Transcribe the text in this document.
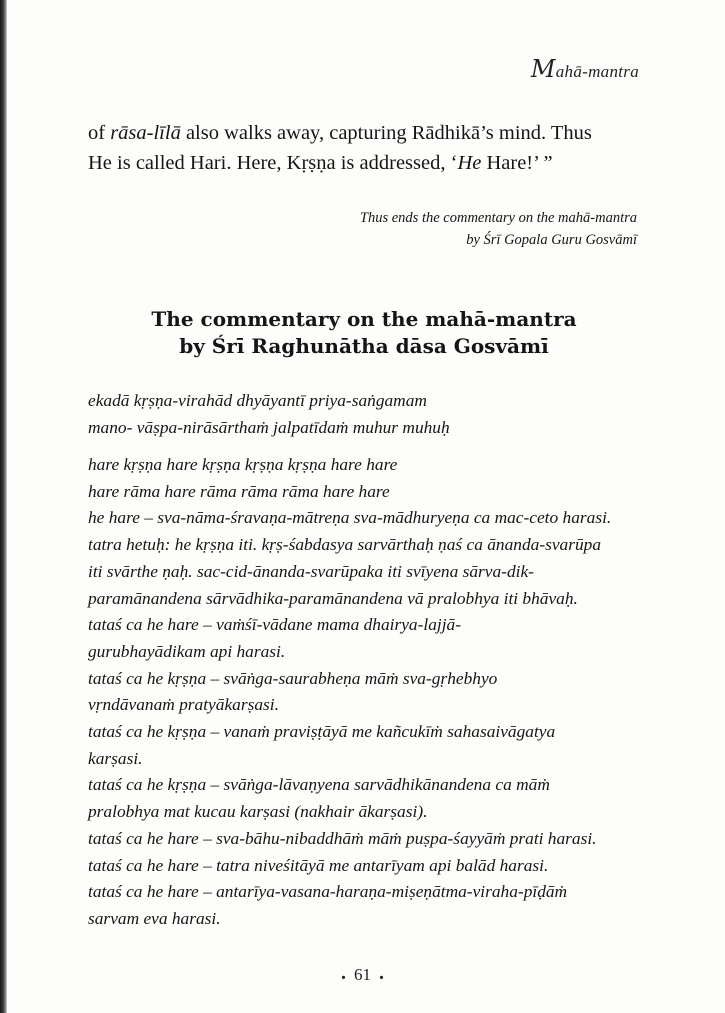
Mahā-mantra

of rāsa-līlā also walks away, capturing Rādhikā’s mind. Thus
He is called Hari. Here, Kṛṣṇa is addressed, ‘He Hare!’ ”

Thus ends the commentary on the mahā-mantra
by Śrī Gopala Guru Gosvāmī
The commentary on the mahā-mantra
by Śrī Raghunātha dāsa Gosvāmī
ekadā kṛṣṇa-virahād dhyāyantī priya-saṅgamam
mano- vāṣpa-nirāsārthaṁ jalpatīdaṁ muhur muhuḥ
hare kṛṣṇa hare kṛṣṇa kṛṣṇa kṛṣṇa hare hare
hare rāma hare rāma rāma rāma hare hare
he hare – sva-nāma-śravaṇa-mātreṇa sva-mādhuryeṇa ca mac-ceto harasi.
tatra hetuḥ: he kṛṣṇa iti. kṛṣ-śabdasya sarvārthaḥ ṇaś ca ānanda-svarūpa
iti svārthe ṇaḥ. sac-cid-ānanda-svarūpaka iti svīyena sārva-dik-
paramānandena sārvādhika-paramānandena vā pralobhya iti bhāvaḥ.
tataś ca he hare – vaṁśī-vādane mama dhairya-lajjā-
gurubhayādikam api harasi.
tataś ca he kṛṣṇa – svāṅga-saurabheṇa māṁ sva-gṛhebhyo
vṛndāvanaṁ pratyākarṣasi.
tataś ca he kṛṣṇa – vanaṁ praviṣṭāyā me kañcukīṁ sahasaivāgatya
karṣasi.
tataś ca he kṛṣṇa – svāṅga-lāvaṇyena sarvādhikānandena ca māṁ
pralobhya mat kucau karṣasi (nakhair ākarṣasi).
tataś ca he hare – sva-bāhu-nibaddhāṁ māṁ puṣpa-śayyāṁ prati harasi.
tataś ca he hare – tatra niveśitāyā me antarīyam api balād harasi.
tataś ca he hare – antarīya-vasana-haraṇa-miṣeṇātma-viraha-pīḍāṁ
sarvam eva harasi.
. 61 .
